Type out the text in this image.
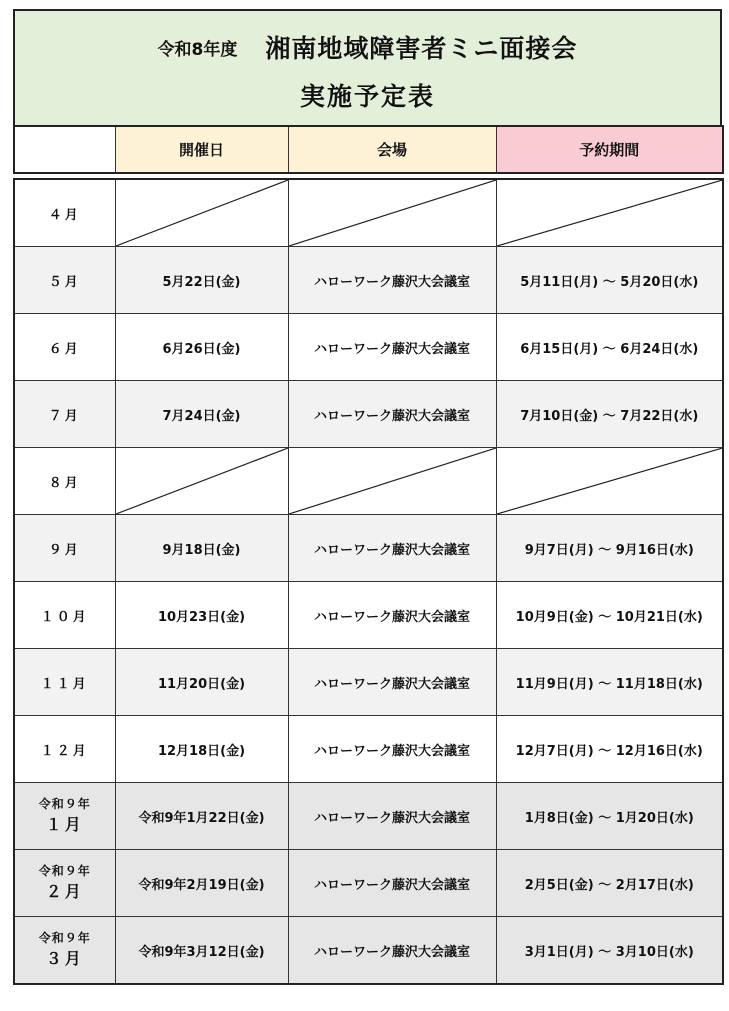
令和8年度 湘南地域障害者ミニ面接会
実施予定表
	開催日	会場	予約期間
４月	

５月	5月22日(金)	ハローワーク藤沢大会議室	5月11日(月) ～ 5月20日(水)
６月	6月26日(金)	ハローワーク藤沢大会議室	6月15日(月) ～ 6月24日(水)
７月	7月24日(金)	ハローワーク藤沢大会議室	7月10日(金) ～ 7月22日(水)
８月	

９月	9月18日(金)	ハローワーク藤沢大会議室	9月7日(月) ～ 9月16日(水)
１０月	10月23日(金)	ハローワーク藤沢大会議室	10月9日(金) ～ 10月21日(水)
１１月	11月20日(金)	ハローワーク藤沢大会議室	11月9日(月) ～ 11月18日(水)
１２月	12月18日(金)	ハローワーク藤沢大会議室	12月7日(月) ～ 12月16日(水)

令和９年
１月	令和9年1月22日(金)	ハローワーク藤沢大会議室	1月8日(金) ～ 1月20日(水)

令和９年
２月	令和9年2月19日(金)	ハローワーク藤沢大会議室	2月5日(金) ～ 2月17日(水)

令和９年
３月	令和9年3月12日(金)	ハローワーク藤沢大会議室	3月1日(月) ～ 3月10日(水)
